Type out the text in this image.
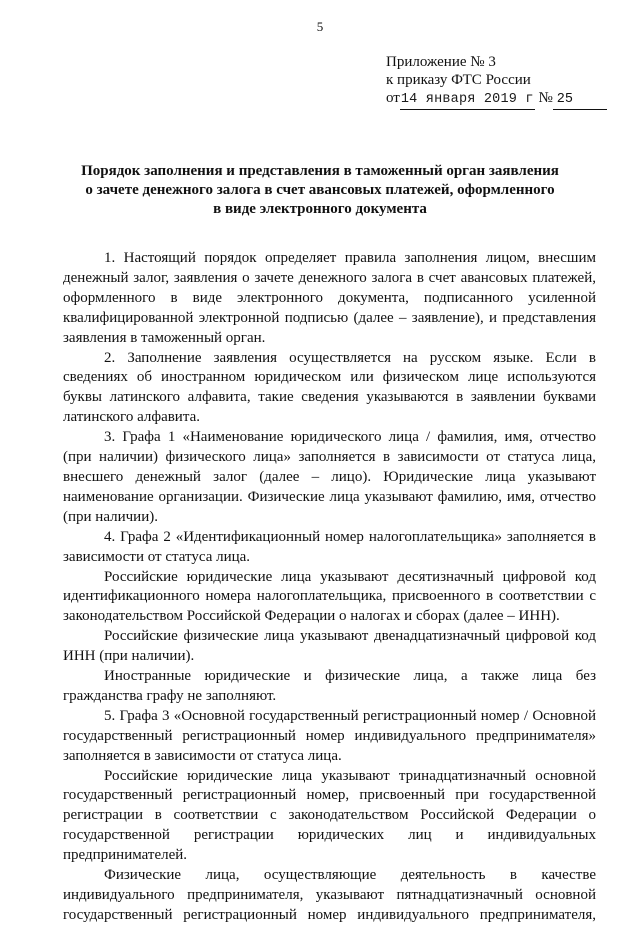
5
Приложение № 3
к приказу ФТС России
от14 января 2019 г № 25
Порядок заполнения и представления в таможенный орган заявления
о зачете денежного залога в счет авансовых платежей, оформленного
в виде электронного документа

1. Настоящий порядок определяет правила заполнения лицом, внесшим денежный залог, заявления о зачете денежного залога в счет авансовых платежей, оформленного в виде электронного документа, подписанного усиленной квалифицированной электронной подписью (далее – заявление), и представления заявления в таможенный орган.

2. Заполнение заявления осуществляется на русском языке. Если в сведениях об иностранном юридическом или физическом лице используются буквы латинского алфавита, такие сведения указываются в заявлении буквами латинского алфавита.

3. Графа 1 «Наименование юридического лица / фамилия, имя, отчество (при наличии) физического лица» заполняется в зависимости от статуса лица, внесшего денежный залог (далее – лицо). Юридические лица указывают наименование организации. Физические лица указывают фамилию, имя, отчество (при наличии).

4. Графа 2 «Идентификационный номер налогоплательщика» заполняется в зависимости от статуса лица.

Российские юридические лица указывают десятизначный цифровой код идентификационного номера налогоплательщика, присвоенного в соответствии с законодательством Российской Федерации о налогах и сборах (далее – ИНН).

Российские физические лица указывают двенадцатизначный цифровой код ИНН (при наличии).

Иностранные юридические и физические лица, а также лица без гражданства графу не заполняют.

5. Графа 3 «Основной государственный регистрационный номер / Основной государственный регистрационный номер индивидуального предпринимателя» заполняется в зависимости от статуса лица.

Российские юридические лица указывают тринадцатизначный основной государственный регистрационный номер, присвоенный при государственной регистрации в соответствии с законодательством Российской Федерации о государственной регистрации юридических лиц и индивидуальных предпринимателей.

Физические лица, осуществляющие деятельность в качестве индивидуального предпринимателя, указывают пятнадцатизначный основной государственный регистрационный номер индивидуального предпринимателя,
